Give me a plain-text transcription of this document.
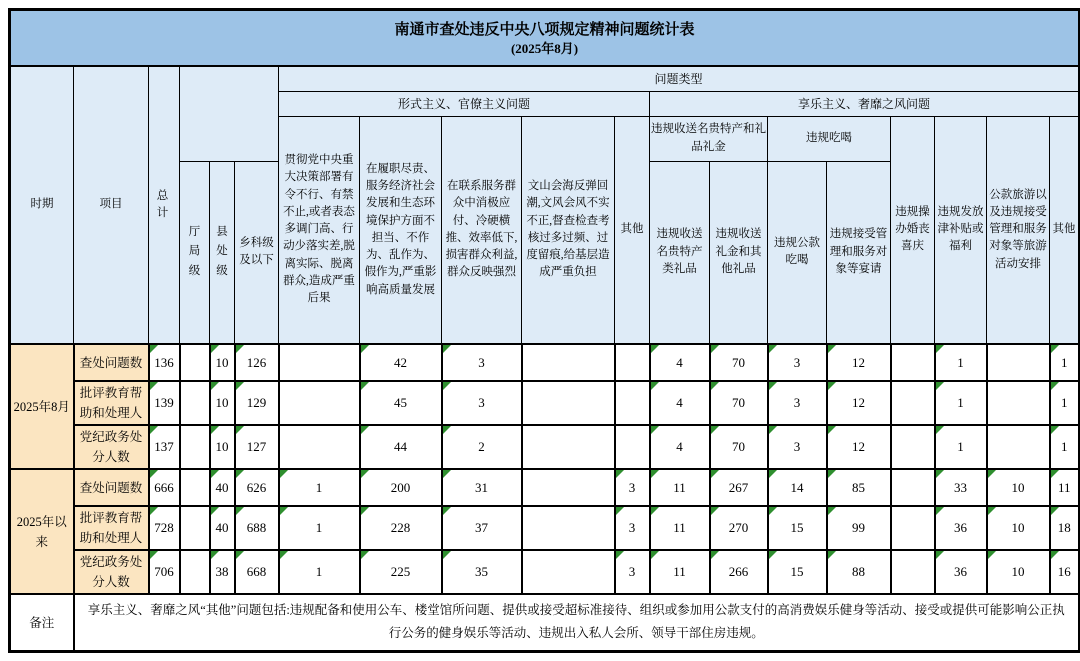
南通市查处违反中央八项规定精神问题统计表
(2025年8月)																		

时期	项目	总计				问题类型												
						形式主义、官僚主义问题					享乐主义、奢靡之风问题							
						贯彻党中央重大决策部署有令不行、有禁不止,或者表态多调门高、行动少落实差,脱离实际、脱离群众,造成严重后果	在履职尽责、服务经济社会发展和生态环境保护方面不担当、不作为、乱作为、假作为,严重影响高质量发展	在联系服务群众中消极应付、冷硬横推、效率低下,损害群众利益,群众反映强烈	文山会海反弹回潮,文风会风不实不正,督查检查考核过多过频、过度留痕,给基层造成严重负担	其他	违规收送名贵特产和礼品礼金		违规吃喝		违规操办婚丧喜庆	违规发放津补贴或福利	公款旅游以及违规接受管理和服务对象等旅游活动安排	其他
			厅局级	县处级	乡科级及以下						违规收送名贵特产类礼品	违规收送礼金和其他礼品	违规公款吃喝	违规接受管理和服务对象等宴请				
2025年8月	查处问题数	136		10	126		42	3			4	70	3	12		1		1
	批评教育帮助和处理人	139		10	129		45	3			4	70	3	12		1		1
	党纪政务处分人数	137		10	127		44	2			4	70	3	12		1		1
2025年以来	查处问题数	666		40	626	1	200	31		3	11	267	14	85		33	10	11
	批评教育帮助和处理人	728		40	688	1	228	37		3	11	270	15	99		36	10	18
	党纪政务处分人数	706		38	668	1	225	35		3	11	266	15	88		36	10	16
备注	享乐主义、奢靡之风“其他”问题包括:违规配备和使用公车、楼堂馆所问题、提供或接受超标准接待、组织或参加用公款支付的高消费娱乐健身等活动、接受或提供可能影响公正执行公务的健身娱乐等活动、违规出入私人会所、领导干部住房违规。																	
